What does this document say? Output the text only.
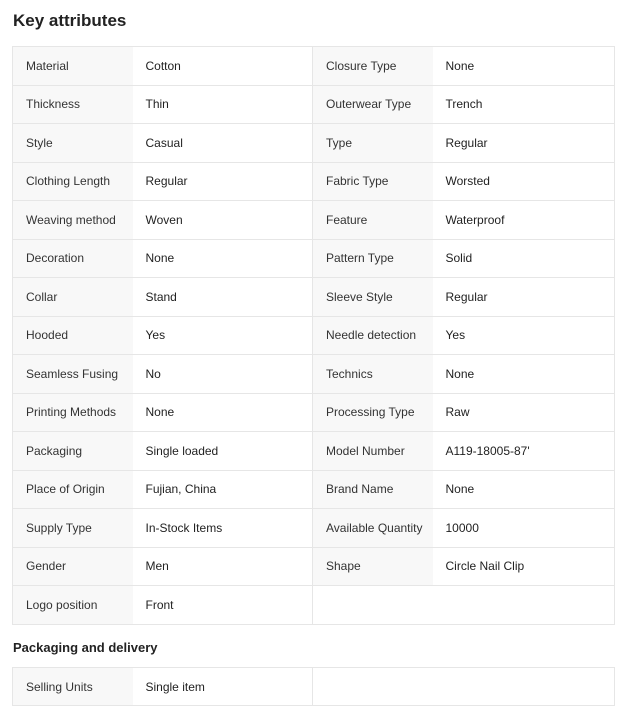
Key attributes
Material	Cotton	Closure Type	None
Thickness	Thin	Outerwear Type	Trench
Style	Casual	Type	Regular
Clothing Length	Regular	Fabric Type	Worsted
Weaving method	Woven	Feature	Waterproof
Decoration	None	Pattern Type	Solid
Collar	Stand	Sleeve Style	Regular
Hooded	Yes	Needle detection	Yes
Seamless Fusing	No	Technics	None
Printing Methods	None	Processing Type	Raw
Packaging	Single loaded	Model Number	A119-18005-87'
Place of Origin	Fujian, China	Brand Name	None
Supply Type	In-Stock Items	Available Quantity	10000
Gender	Men	Shape	Circle Nail Clip
Logo position	Front		
Packaging and delivery
Selling Units	Single item		
